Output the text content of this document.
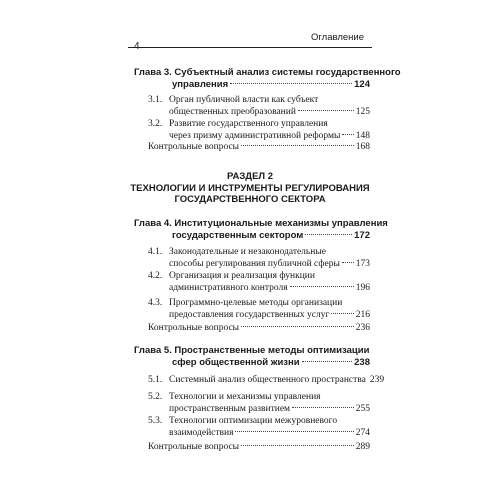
4
Оглавление
Глава 3. Субъектный анализ системы государственного
управления	124
3.1. Орган публичной власти как субъект
общественных преобразований	125
3.2. Развитие государственного управления
через призму административной реформы 148
Контрольные вопросы	168
РАЗДЕЛ 2
ТЕХНОЛОГИИ И ИНСТРУМЕНТЫ РЕГУЛИРОВАНИЯ
ГОСУДАРСТВЕННОГО СЕКТОРА
Глава 4. Институциональные механизмы управления
государственным сектором	172
4.1. Законодательные и незаконодательные
способы регулирования публичной сферы 173
4.2. Организация и реализация функции
административного контроля	196
4.3. Программно-целевые методы организации
предоставления государственных услуг	216
Контрольные вопросы	236
Глава 5. Пространственные методы оптимизации
сфер общественной жизни	238
5.1. Системный анализ общественного пространства 239
5.2. Технологии и механизмы управления
пространственным развитием	255
5.3. Технологии оптимизации межуровневого
взаимодействия	274
Контрольные вопросы	289
